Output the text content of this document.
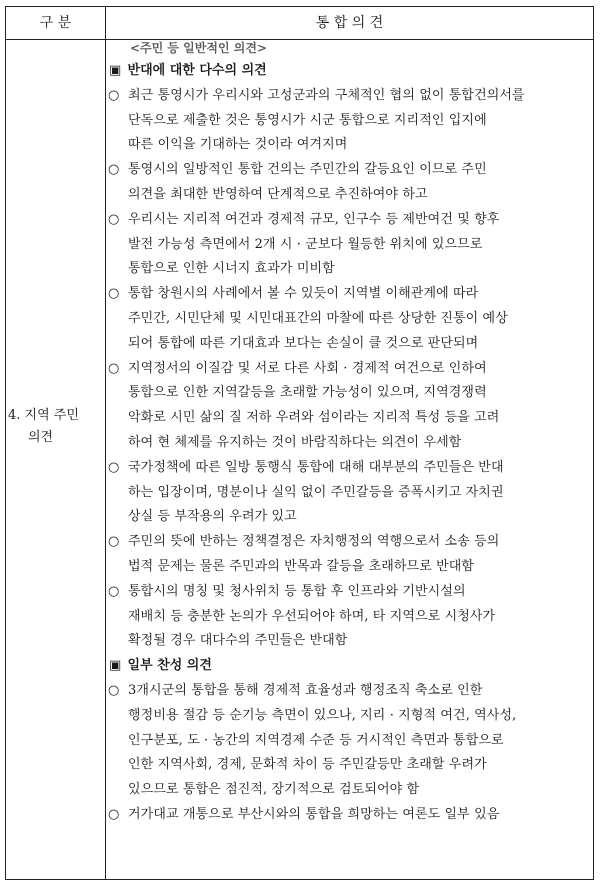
구 분	통 합 의 견
4. 지역 주민
의견
<주민 등 일반적인 의견>
▣ 반대에 대한 다수의 의견
○ 최근 통영시가 우리시와 고성군과의 구체적인 협의 없이 통합건의서를
단독으로 제출한 것은 통영시가 시군 통합으로 지리적인 입지에
따른 이익을 기대하는 것이라 여겨지며
○ 통영시의 일방적인 통합 건의는 주민간의 갈등요인 이므로 주민
의견을 최대한 반영하여 단계적으로 추진하여야 하고
○ 우리시는 지리적 여건과 경제적 규모, 인구수 등 제반여건 및 향후
발전 가능성 측면에서 2개 시 · 군보다 월등한 위치에 있으므로
통합으로 인한 시너지 효과가 미비함
○ 통합 창원시의 사례에서 볼 수 있듯이 지역별 이해관계에 따라
주민간, 시민단체 및 시민대표간의 마찰에 따른 상당한 진통이 예상
되어 통합에 따른 기대효과 보다는 손실이 클 것으로 판단되며
○ 지역정서의 이질감 및 서로 다른 사회 · 경제적 여건으로 인하여
통합으로 인한 지역갈등을 초래할 가능성이 있으며, 지역경쟁력
악화로 시민 삶의 질 저하 우려와 섬이라는 지리적 특성 등을 고려
하여 현 체제를 유지하는 것이 바람직하다는 의견이 우세함
○ 국가정책에 따른 일방 통행식 통합에 대해 대부분의 주민들은 반대
하는 입장이며, 명분이나 실익 없이 주민갈등을 증폭시키고 자치권
상실 등 부작용의 우려가 있고
○ 주민의 뜻에 반하는 정책결정은 자치행정의 역행으로서 소송 등의
법적 문제는 물론 주민과의 반목과 갈등을 초래하므로 반대함
○ 통합시의 명칭 및 청사위치 등 통합 후 인프라와 기반시설의
재배치 등 충분한 논의가 우선되어야 하며, 타 지역으로 시청사가
확정될 경우 대다수의 주민들은 반대함
▣ 일부 찬성 의견
○ 3개시군의 통합을 통해 경제적 효율성과 행정조직 축소로 인한
행정비용 절감 등 순기능 측면이 있으나, 지리 · 지형적 여건, 역사성,
인구분포, 도 · 농간의 지역경제 수준 등 거시적인 측면과 통합으로
인한 지역사회, 경제, 문화적 차이 등 주민갈등만 초래할 우려가
있으므로 통합은 점진적, 장기적으로 검토되어야 함
○ 거가대교 개통으로 부산시와의 통합을 희망하는 여론도 일부 있음
